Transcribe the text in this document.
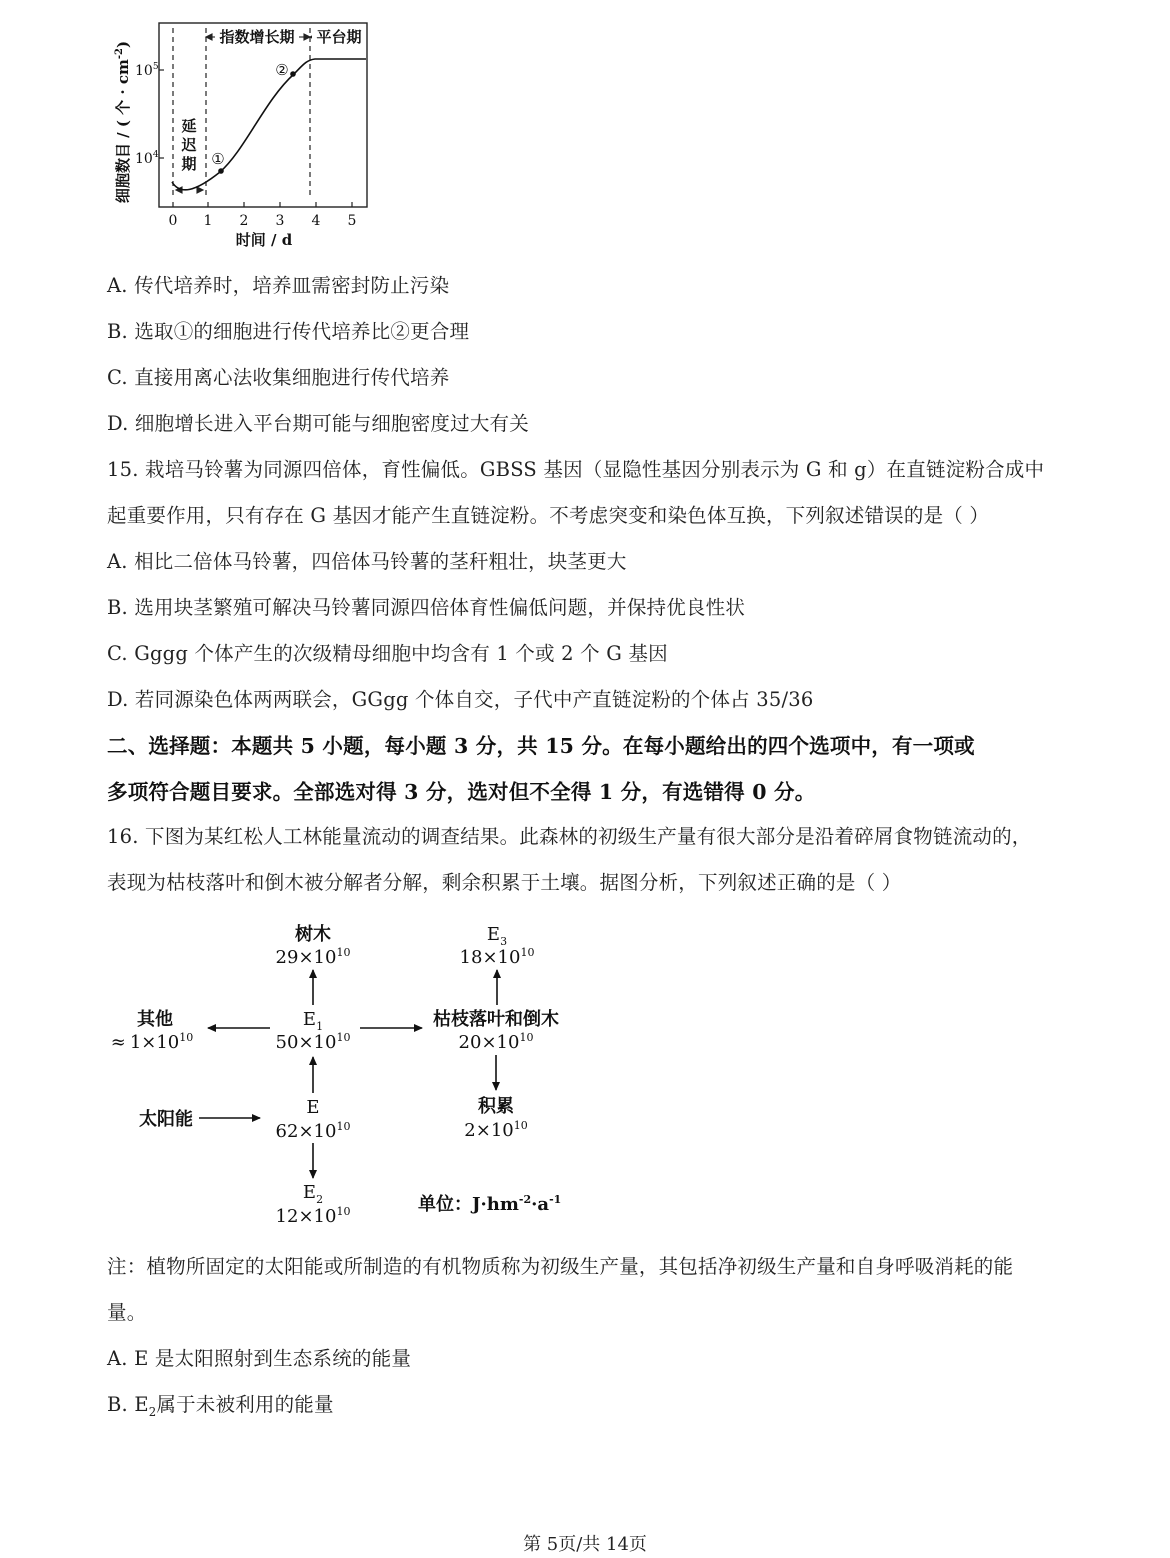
细胞数目 / ( 个 · $cm^{-2}$)
$10^5$
$10^4$
0 1 2 3 4 5
时间 / d
指数增长期 平台期
延
迟
期 ①
②
A. 传代培养时，培养皿需密封防止污染
B. 选取①的细胞进行传代培养比②更合理
C. 直接用离心法收集细胞进行传代培养
D. 细胞增长进入平台期可能与细胞密度过大有关
15. 栽培马铃薯为同源四倍体，育性偏低。GBSS 基因（显隐性基因分别表示为 G 和 g）在直链淀粉合成中
起重要作用，只有存在 G 基因才能产生直链淀粉。不考虑突变和染色体互换，下列叙述错误的是（ ）
A. 相比二倍体马铃薯，四倍体马铃薯的茎秆粗壮，块茎更大
B. 选用块茎繁殖可解决马铃薯同源四倍体育性偏低问题，并保持优良性状
C. Gggg 个体产生的次级精母细胞中均含有 1 个或 2 个 G 基因
D. 若同源染色体两两联会，GGgg 个体自交，子代中产直链淀粉的个体占 35/36
二、选择题：本题共 5 小题，每小题 3 分，共 15 分。在每小题给出的四个选项中，有一项或
多项符合题目要求。全部选对得 3 分，选对但不全得 1 分，有选错得 0 分。
16. 下图为某红松人工林能量流动的调查结果。此森林的初级生产量有很大部分是沿着碎屑食物链流动的，
表现为枯枝落叶和倒木被分解者分解，剩余积累于土壤。据图分析，下列叙述正确的是（ ）
树木
$29\times 10^{10}$
$E_3$
$18\times 10^{10}$
其他
≈ $1\times 10^{10}$
$E_1$
$50\times 10^{10}$
枯枝落叶和倒木
$20\times 10^{10}$
太阳能
E
$62\times 10^{10}$
积累
$2\times 10^{10}$
$E_2$
$12\times 10^{10}$	单位：$J\cdot hm^{-2}\cdot a^{-1}$
注：植物所固定的太阳能或所制造的有机物质称为初级生产量，其包括净初级生产量和自身呼吸消耗的能
量。
A. E 是太阳照射到生态系统的能量
B. $E_2$属于未被利用的能量
第 5页/共 14页
